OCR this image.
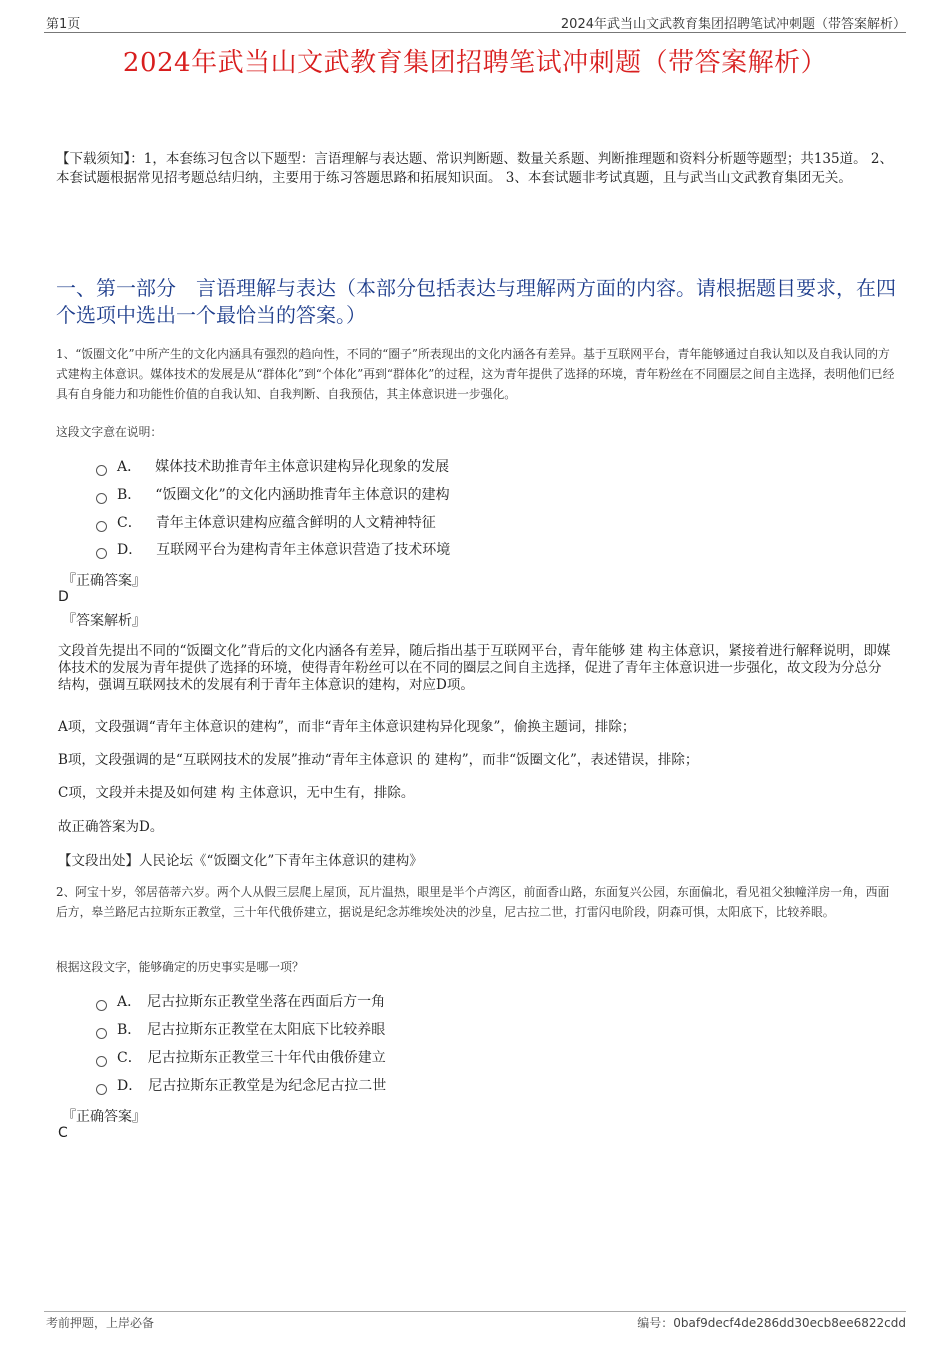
第1页	2024年武当山文武教育集团招聘笔试冲刺题（带答案解析）
2024年武当山文武教育集团招聘笔试冲刺题（带答案解析）
【下载须知】：1，本套练习包含以下题型：言语理解与表达题、常识判断题、数量关系题、判断推理题和资料分析题等题型；共135道。 2、本套试题根据常见招考题总结归纳，主要用于练习答题思路和拓展知识面。 3、本套试题非考试真题，且与武当山文武教育集团无关。
一、第一部分　言语理解与表达（本部分包括表达与理解两方面的内容。请根据题目要求，在四个选项中选出一个最恰当的答案。）
1、“饭圈文化”中所产生的文化内涵具有强烈的趋向性，不同的“圈子”所表现出的文化内涵各有差异。基于互联网平台，青年能够通过自我认知以及自我认同的方式建构主体意识。媒体技术的发展是从“群体化”到“个体化”再到“群体化”的过程，这为青年提供了选择的环境，青年粉丝在不同圈层之间自主选择，表明他们已经具有自身能力和功能性价值的自我认知、自我判断、自我预估，其主体意识进一步强化。
这段文字意在说明：
A． 媒体技术助推青年主体意识建构异化现象的发展
B． “饭圈文化”的文化内涵助推青年主体意识的建构
C． 青年主体意识建构应蕴含鲜明的人文精神特征
D． 互联网平台为建构青年主体意识营造了技术环境
『正确答案』
D
『答案解析』
文段首先提出不同的“饭圈文化”背后的文化内涵各有差异，随后指出基于互联网平台，青年能够 建 构主体意识，紧接着进行解释说明，即媒体技术的发展为青年提供了选择的环境，使得青年粉丝可以在不同的圈层之间自主选择，促进了青年主体意识进一步强化，故文段为分总分结构，强调互联网技术的发展有利于青年主体意识的建构，对应D项。
A项，文段强调“青年主体意识的建构”，而非“青年主体意识建构异化现象”，偷换主题词，排除；
B项，文段强调的是“互联网技术的发展”推动“青年主体意识 的 建构”，而非“饭圈文化”，表述错误，排除；
C项，文段并未提及如何建 构 主体意识，无中生有，排除。
故正确答案为D。
【文段出处】人民论坛《“饭圈文化”下青年主体意识的建构》
2、阿宝十岁，邻居蓓蒂六岁。两个人从假三层爬上屋顶，瓦片温热，眼里是半个卢湾区，前面香山路，东面复兴公园，东面偏北，看见祖父独幢洋房一角，西面后方，皋兰路尼古拉斯东正教堂，三十年代俄侨建立，据说是纪念苏维埃处决的沙皇，尼古拉二世，打雷闪电阶段，阴森可惧，太阳底下，比较养眼。
根据这段文字，能够确定的历史事实是哪一项？
A． 尼古拉斯东正教堂坐落在西面后方一角
B． 尼古拉斯东正教堂在太阳底下比较养眼
C． 尼古拉斯东正教堂三十年代由俄侨建立
D． 尼古拉斯东正教堂是为纪念尼古拉二世
『正确答案』
C
考前押题，上岸必备	编号：0baf9decf4de286dd30ecb8ee6822cdd
